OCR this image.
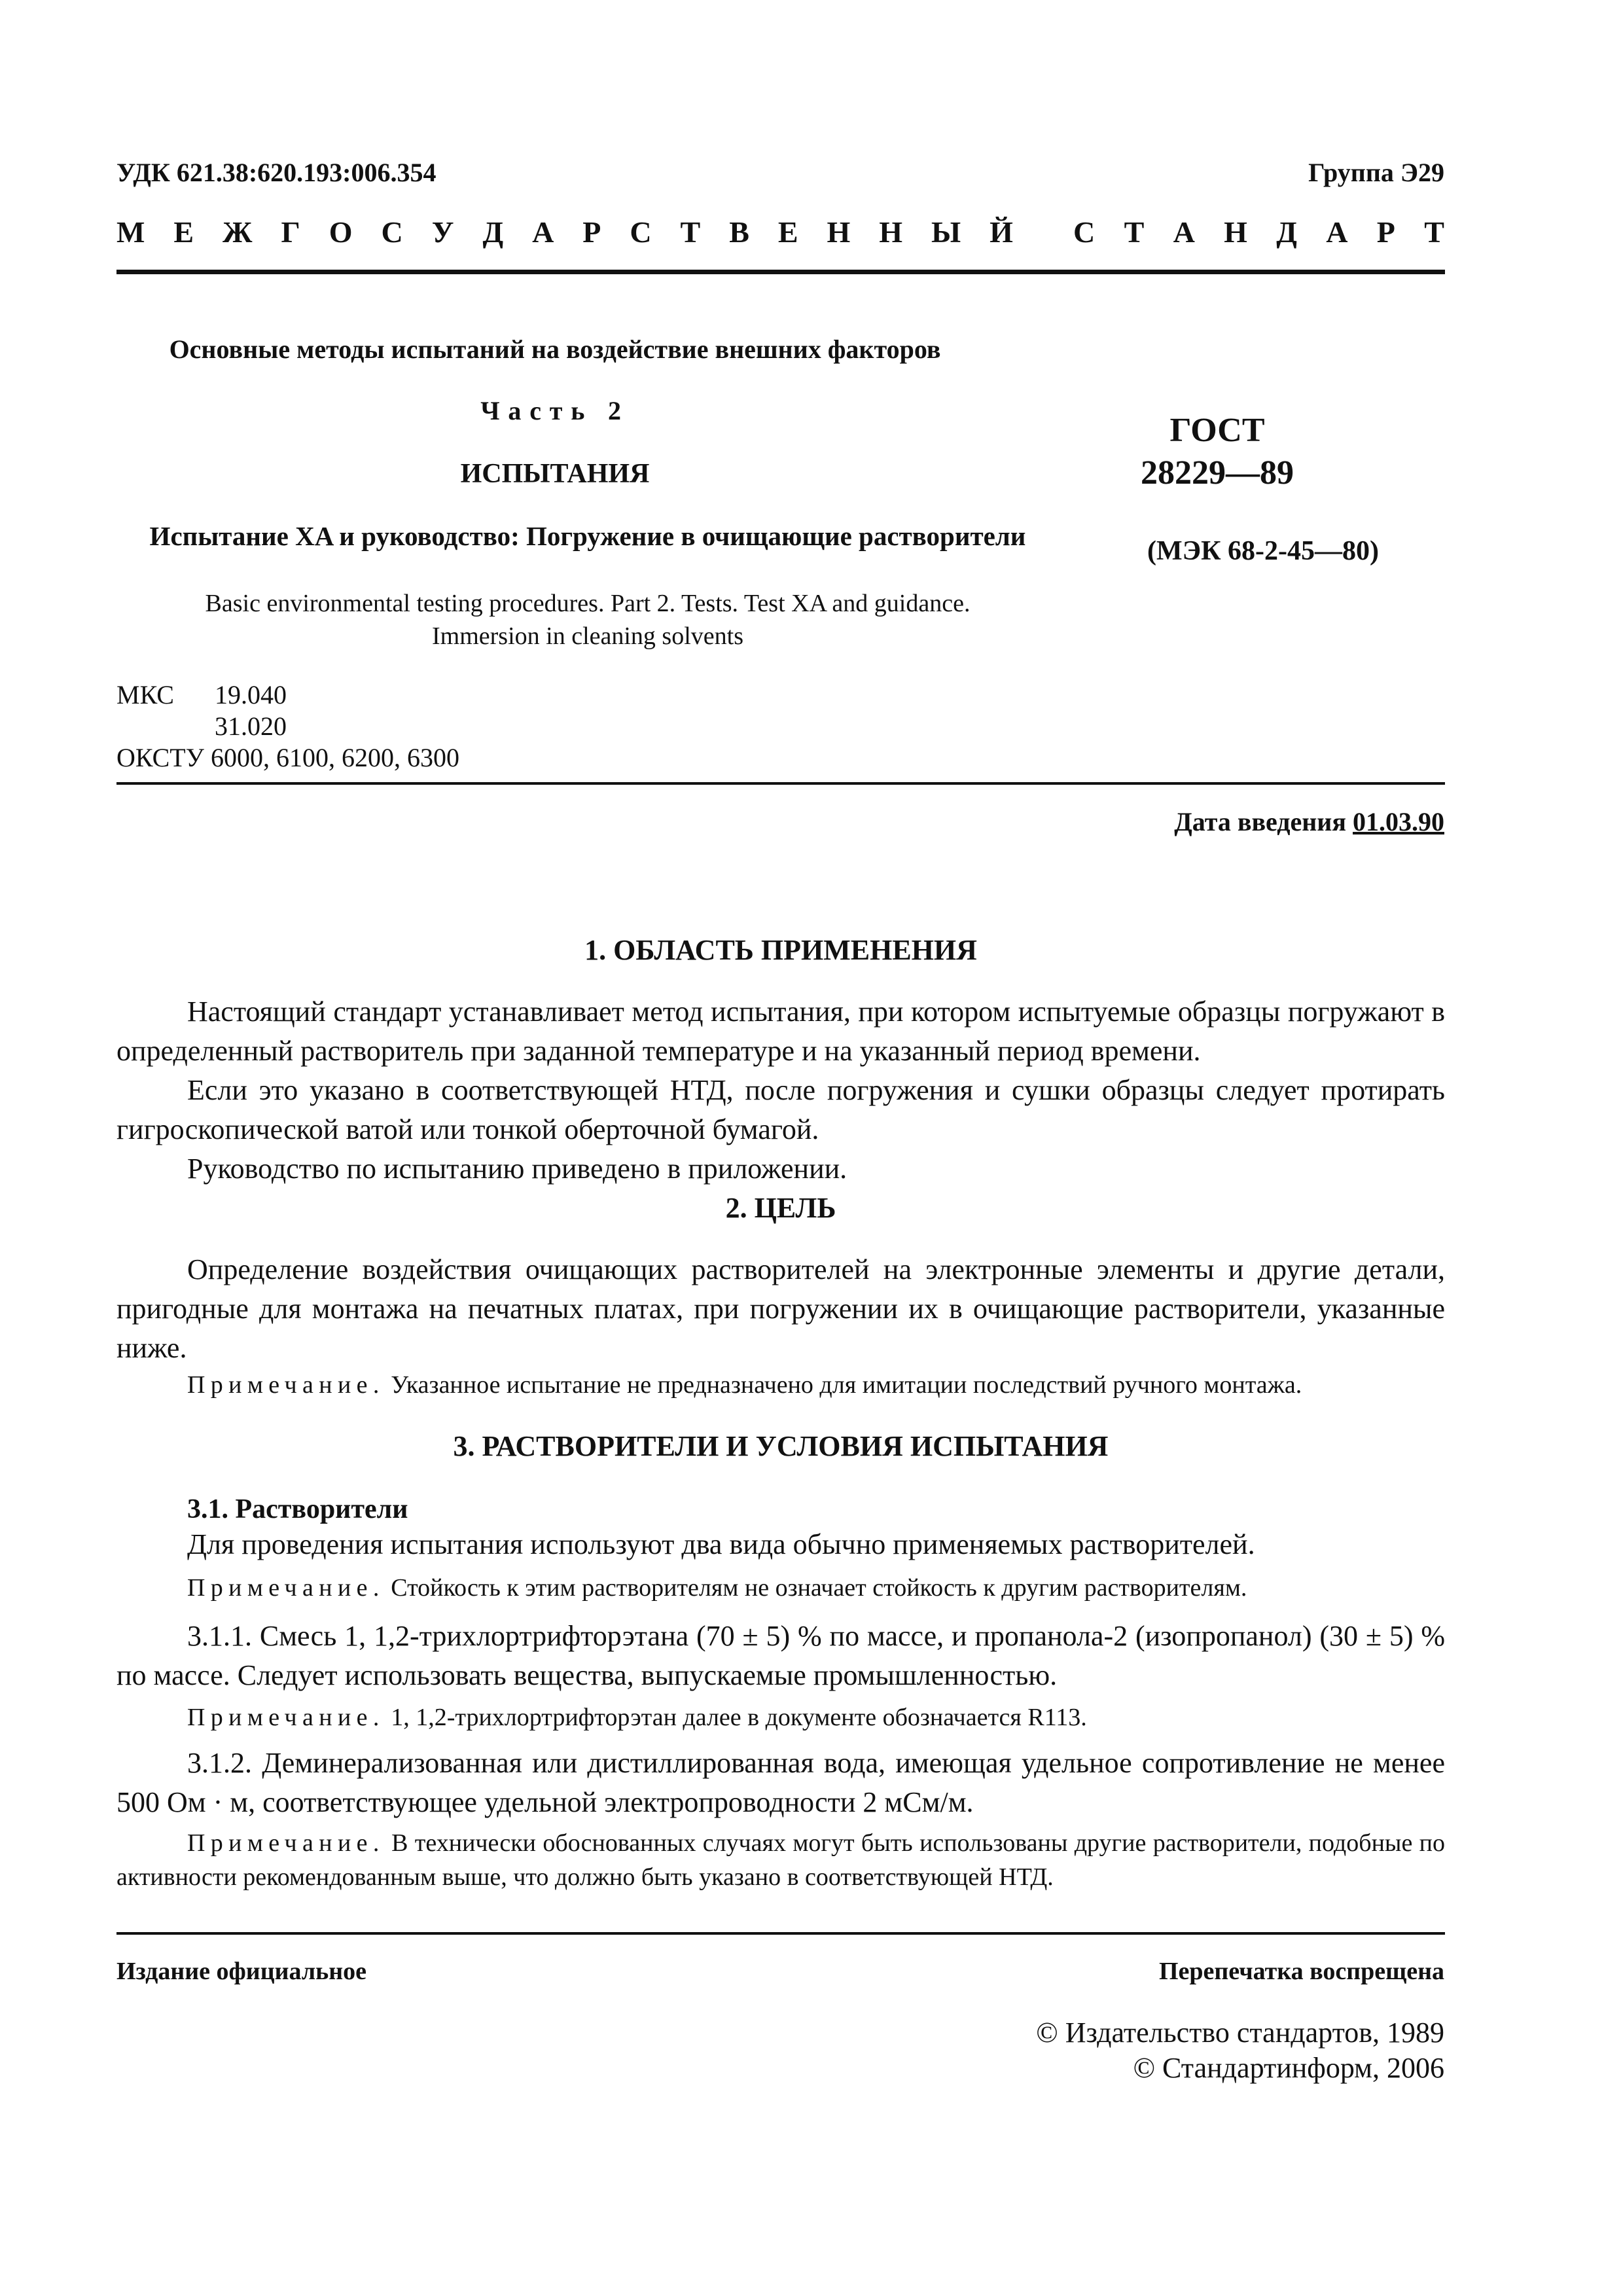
УДК 621.38:620.193:006.354	Группа Э29
М Е Ж Г О С У Д А Р С Т В Е Н Н Ы Й С Т А Н Д А Р Т
Основные методы испытаний на воздействие внешних факторов
Часть 2
ИСПЫТАНИЯ
Испытание XA и руководство: Погружение в очищающие растворители
Basic environmental testing procedures. Part 2. Tests. Test XA and guidance.
Immersion in cleaning solvents
ГОСТ
28229—89
(МЭК 68-2-45—80)
МКС 19.040
31.020
ОКСТУ 6000, 6100, 6200, 6300
Дата введения 01.03.90
1. ОБЛАСТЬ ПРИМЕНЕНИЯ

Настоящий стандарт устанавливает метод испытания, при котором испытуемые образцы погружают в определенный растворитель при заданной температуре и на указанный период времени.

Если это указано в соответствующей НТД, после погружения и сушки образцы следует протирать гигроскопической ватой или тонкой оберточной бумагой.

Руководство по испытанию приведено в приложении.

2. ЦЕЛЬ

Определение воздействия очищающих растворителей на электронные элементы и другие детали, пригодные для монтажа на печатных платах, при погружении их в очищающие растворители, указанные ниже.

Примечание. Указанное испытание не предназначено для имитации последствий ручного монтажа.

3. РАСТВОРИТЕЛИ И УСЛОВИЯ ИСПЫТАНИЯ
3.1. Растворители
Для проведения испытания используют два вида обычно применяемых растворителей.

Примечание. Стойкость к этим растворителям не означает стойкость к другим растворителям.

3.1.1. Смесь 1, 1,2-трихлортрифторэтана (70 ± 5) % по массе, и пропанола-2 (изопропанол) (30 ± 5) % по массе. Следует использовать вещества, выпускаемые промышленностью.

Примечание. 1, 1,2-трихлортрифторэтан далее в документе обозначается R113.

3.1.2. Деминерализованная или дистиллированная вода, имеющая удельное сопротивление не менее 500 Ом · м, соответствующее удельной электропроводности 2 мСм/м.

Примечание. В технически обоснованных случаях могут быть использованы другие растворители, подобные по активности рекомендованным выше, что должно быть указано в соответствующей НТД.

Издание официальное	Перепечатка воспрещена
© Издательство стандартов, 1989
© Стандартинформ, 2006
